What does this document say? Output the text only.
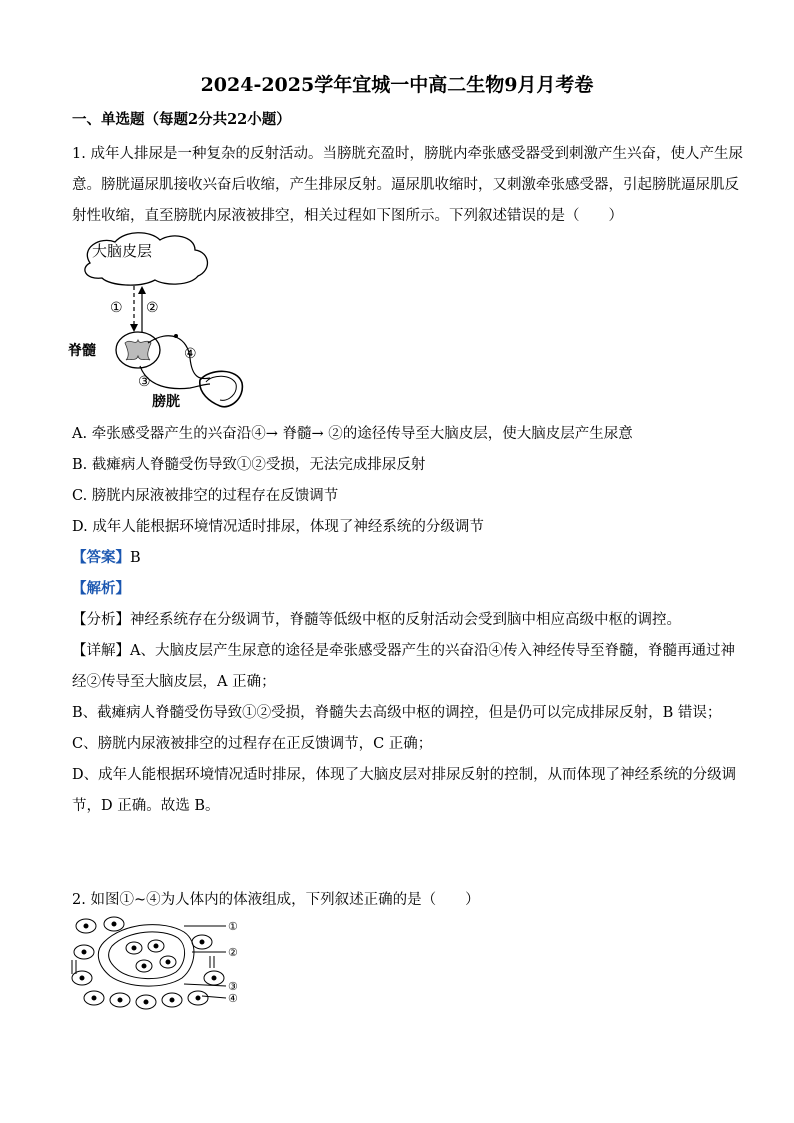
2024-2025学年宜城一中高二生物9月月考卷
一、单选题（每题2分共22小题）
1. 成年人排尿是一种复杂的反射活动。当膀胱充盈时，膀胱内牵张感受器受到刺激产生兴奋，使人产生尿
意。膀胱逼尿肌接收兴奋后收缩，产生排尿反射。逼尿肌收缩时，又刺激牵张感受器，引起膀胱逼尿肌反
射性收缩，直至膀胱内尿液被排空，相关过程如下图所示。下列叙述错误的是（　　）
大脑皮层
① ②
脊髓	④
③
膀胱
A. 牵张感受器产生的兴奋沿④→ 脊髓→ ②的途径传导至大脑皮层，使大脑皮层产生尿意
B. 截瘫病人脊髓受伤导致①②受损，无法完成排尿反射
C. 膀胱内尿液被排空的过程存在反馈调节
D. 成年人能根据环境情况适时排尿，体现了神经系统的分级调节
【答案】B
【解析】
【分析】神经系统存在分级调节，脊髓等低级中枢的反射活动会受到脑中相应高级中枢的调控。
【详解】A、大脑皮层产生尿意的途径是牵张感受器产生的兴奋沿④传入神经传导至脊髓，脊髓再通过神
经②传导至大脑皮层，A 正确；
B、截瘫病人脊髓受伤导致①②受损，脊髓失去高级中枢的调控，但是仍可以完成排尿反射，B 错误；
C、膀胱内尿液被排空的过程存在正反馈调节，C 正确；
D、成年人能根据环境情况适时排尿，体现了大脑皮层对排尿反射的控制，从而体现了神经系统的分级调
节，D 正确。故选 B。
2. 如图①~④为人体内的体液组成，下列叙述正确的是（　　）
①
②
③
④
